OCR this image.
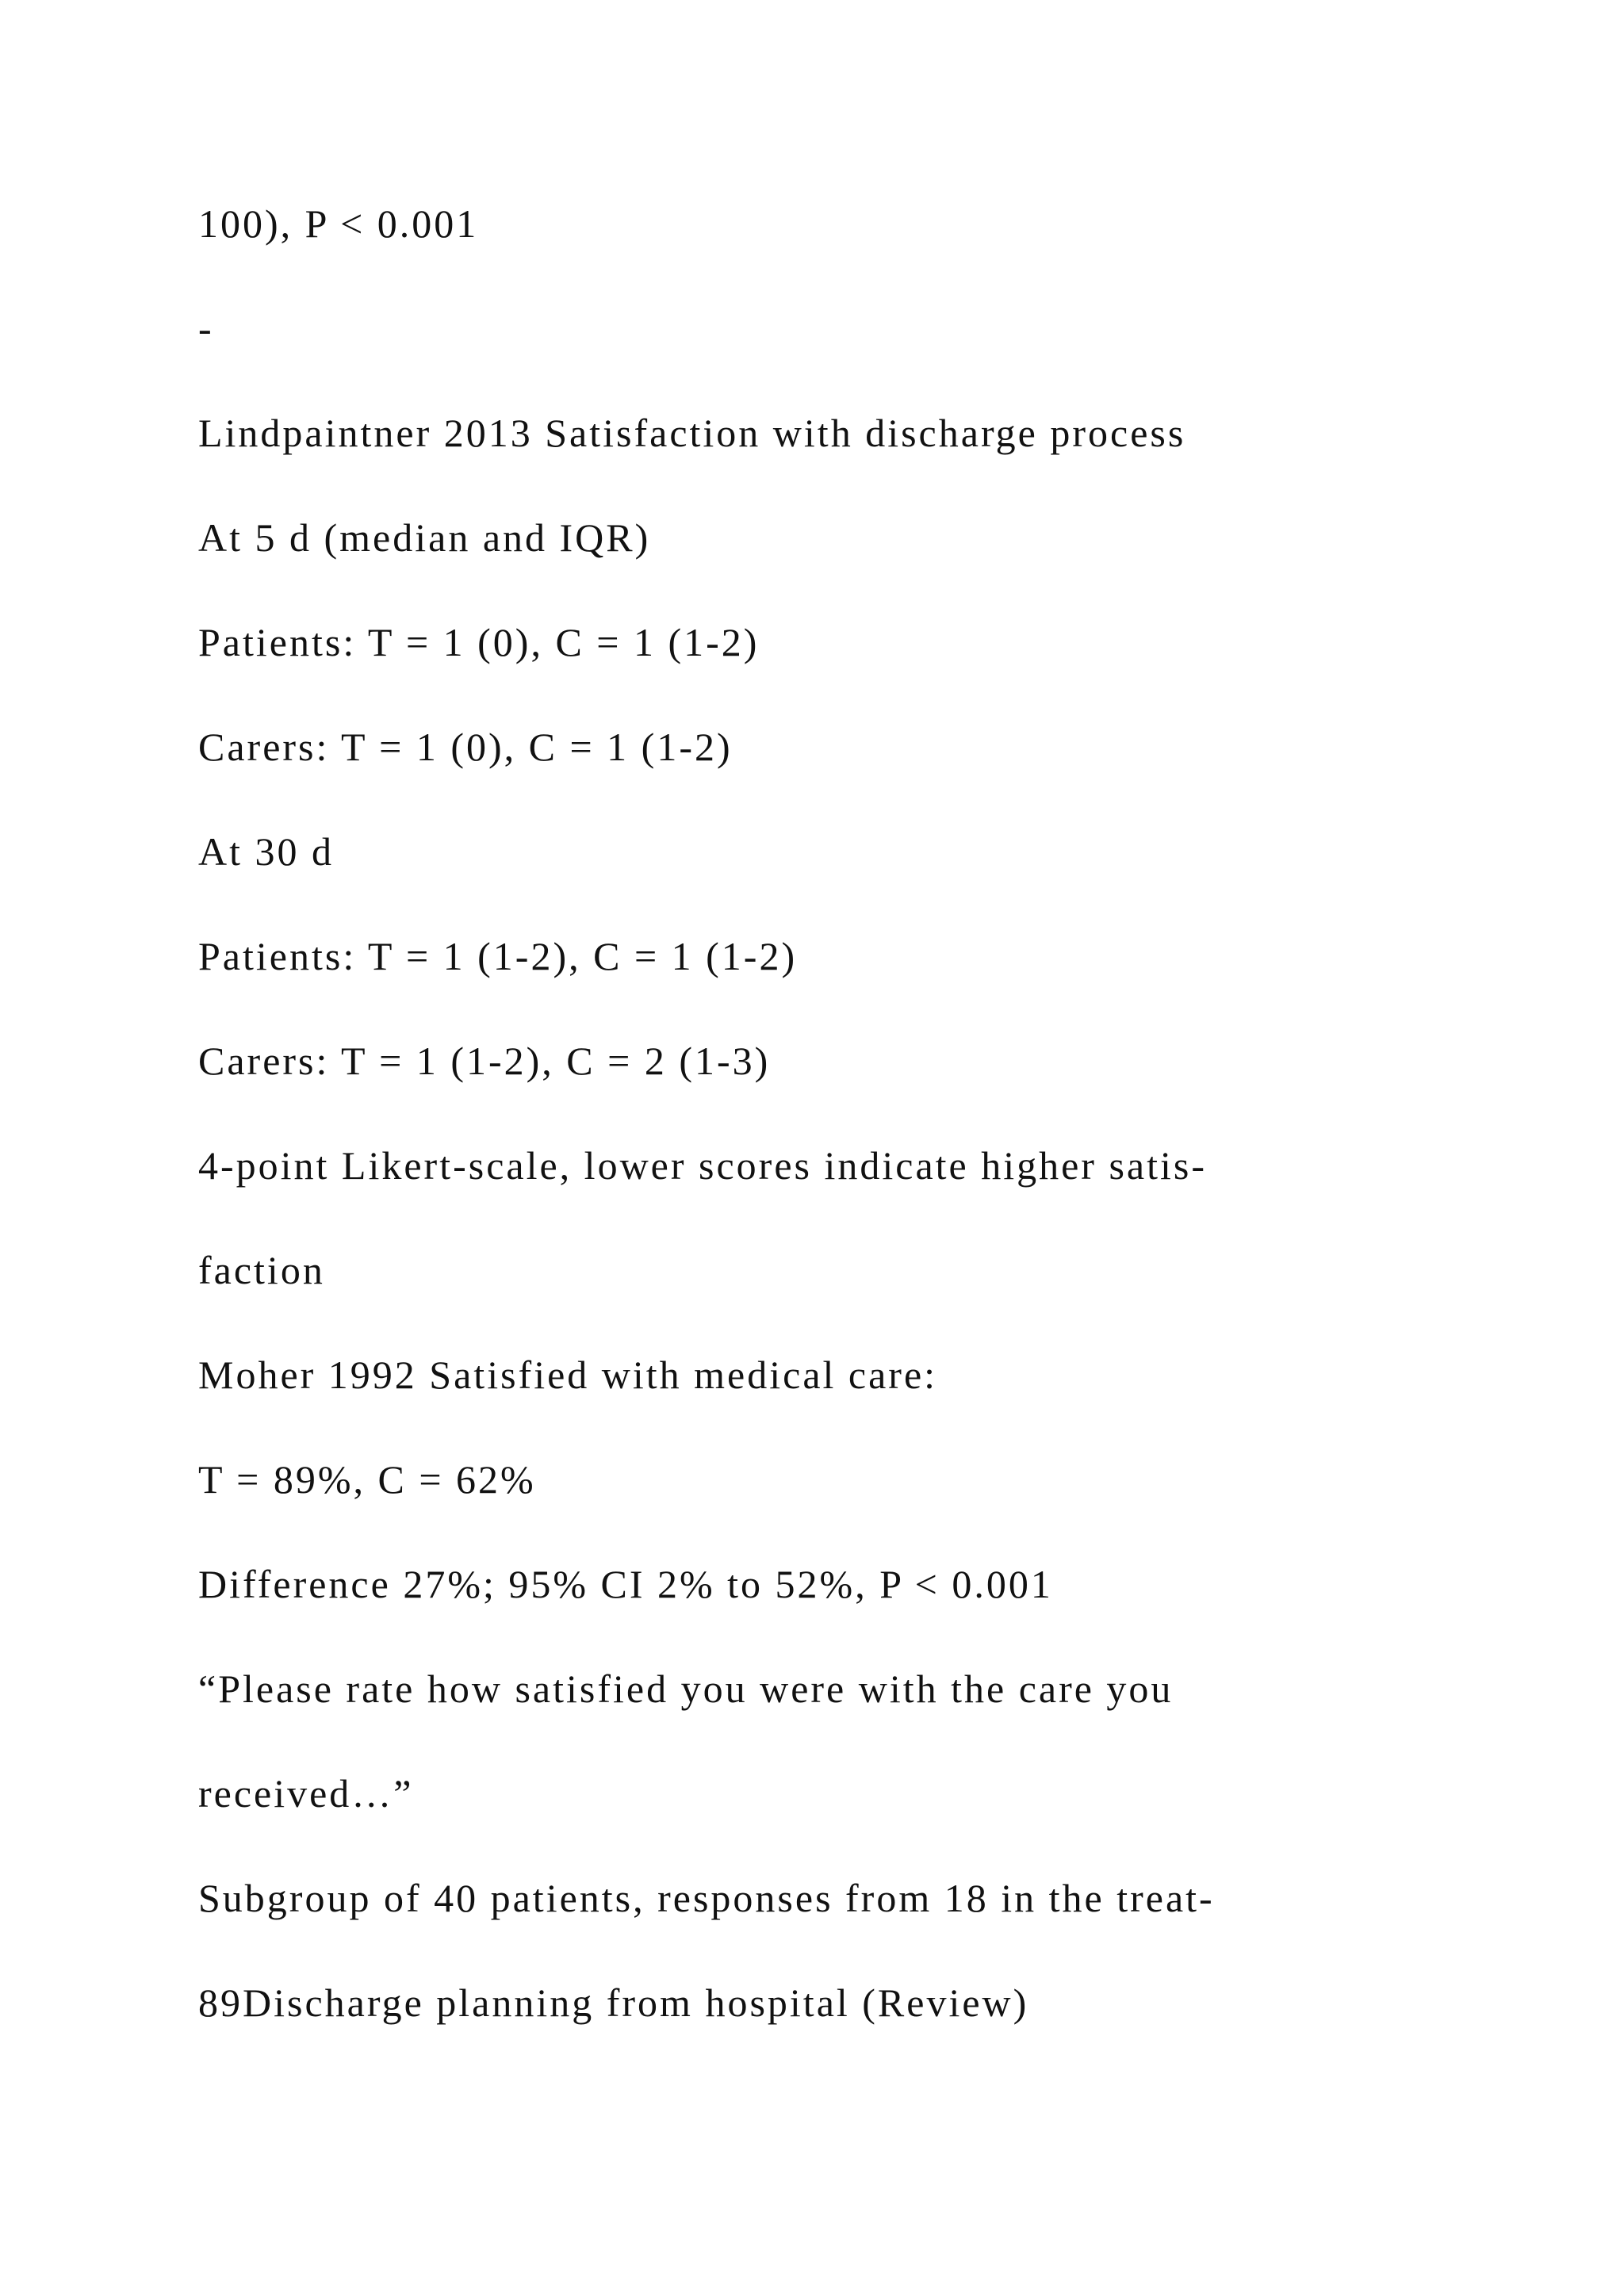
100), P < 0.001
-
Lindpaintner 2013 Satisfaction with discharge process
At 5 d (median and IQR)
Patients: T = 1 (0), C = 1 (1-2)
Carers: T = 1 (0), C = 1 (1-2)
At 30 d
Patients: T = 1 (1-2), C = 1 (1-2)
Carers: T = 1 (1-2), C = 2 (1-3)
4-point Likert-scale, lower scores indicate higher satis-
faction
Moher 1992 Satisfied with medical care:
T = 89%, C = 62%
Difference 27%; 95% CI 2% to 52%, P < 0.001
“Please rate how satisfied you were with the care you
received…”
Subgroup of 40 patients, responses from 18 in the treat-
89Discharge planning from hospital (Review)
